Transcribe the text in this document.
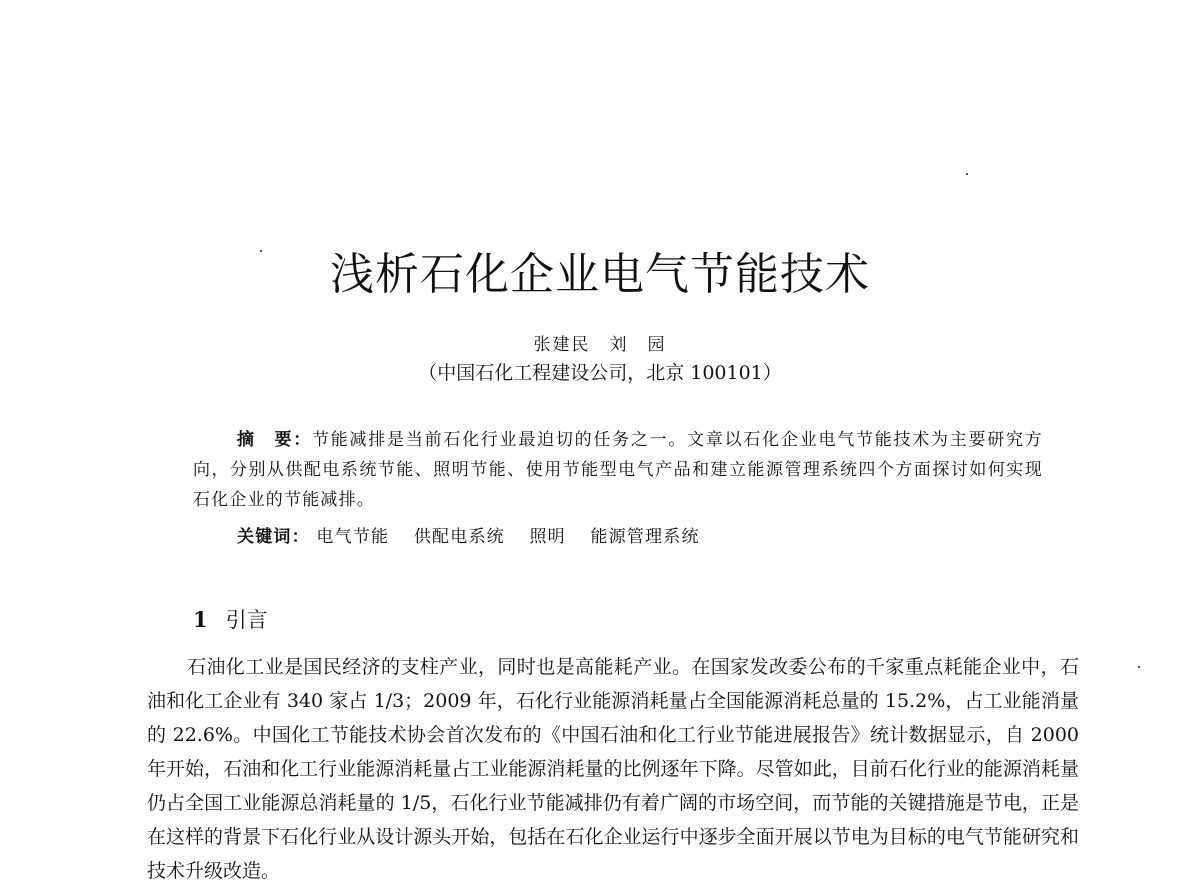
浅析石化企业电气节能技术
张建民　刘　园
（中国石化工程建设公司，北京 100101）

摘　要：节能减排是当前石化行业最迫切的任务之一。文章以石化企业电气节能技术为主要研究方向，分别从供配电系统节能、照明节能、使用节能型电气产品和建立能源管理系统四个方面探讨如何实现石化企业的节能减排。

关键词： 电气节能 供配电系统 照明 能源管理系统
1 引言

石油化工业是国民经济的支柱产业，同时也是高能耗产业。在国家发改委公布的千家重点耗能企业中，石油和化工企业有 340 家占 1/3；2009 年，石化行业能源消耗量占全国能源消耗总量的 15.2%，占工业能消量的 22.6%。中国化工节能技术协会首次发布的《中国石油和化工行业节能进展报告》统计数据显示，自 2000 年开始，石油和化工行业能源消耗量占工业能源消耗量的比例逐年下降。尽管如此，目前石化行业的能源消耗量仍占全国工业能源总消耗量的 1/5，石化行业节能减排仍有着广阔的市场空间，而节能的关键措施是节电，正是在这样的背景下石化行业从设计源头开始，包括在石化企业运行中逐步全面开展以节电为目标的电气节能研究和技术升级改造。
